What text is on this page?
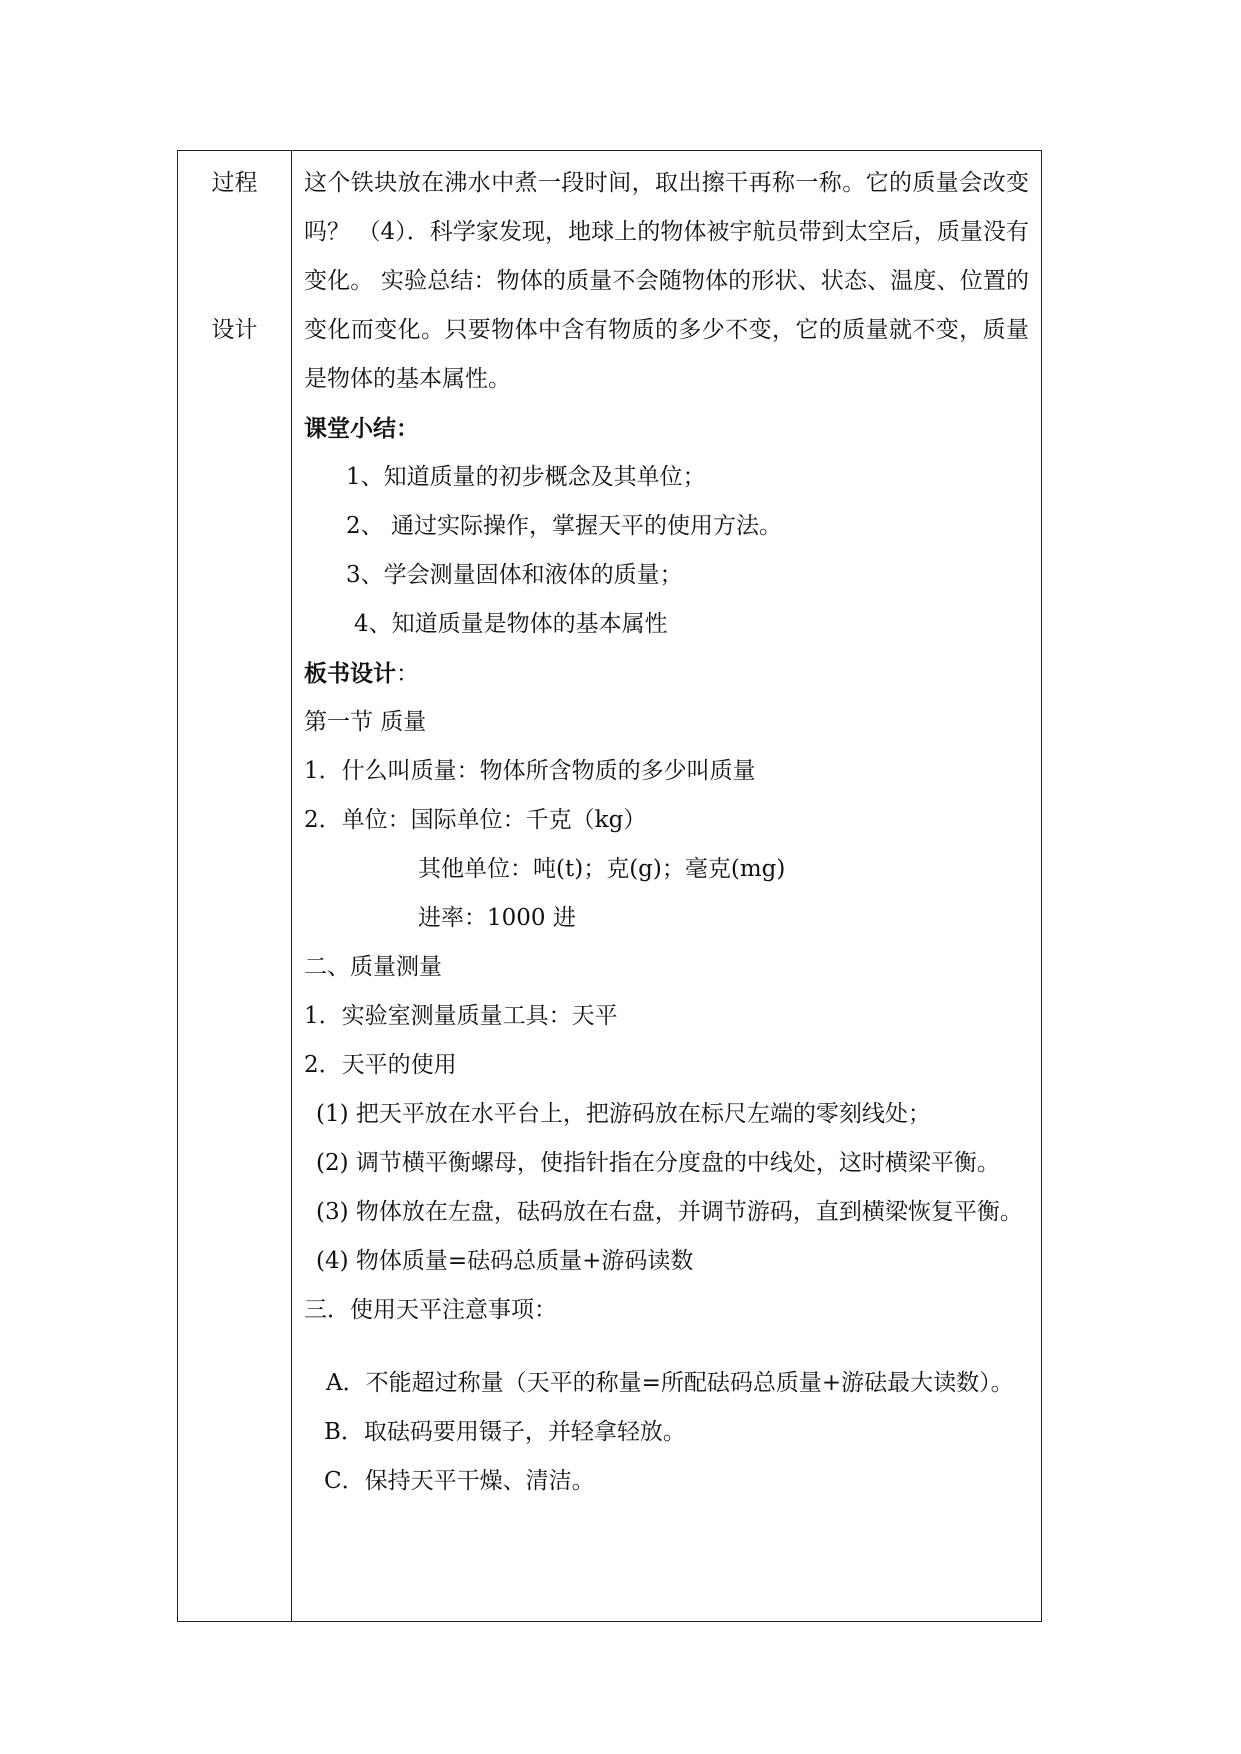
过程
设计
这个铁块放在沸水中煮一段时间，取出擦干再称一称。它的质量会改变吗？ （4）．科学家发现，地球上的物体被宇航员带到太空后，质量没有变化。 实验总结：物体的质量不会随物体的形状、状态、温度、位置的变化而变化。只要物体中含有物质的多少不变，它的质量就不变，质量是物体的基本属性。
课堂小结：
1、知道质量的初步概念及其单位；
2、 通过实际操作，掌握天平的使用方法。
3、学会测量固体和液体的质量；
4、知道质量是物体的基本属性
板书设计：
第一节 质量
1．什么叫质量：物体所含物质的多少叫质量
2．单位：国际单位：千克（kg）
其他单位：吨(t)；克(g)；毫克(mg)
进率：1000 进
二、质量测量
1．实验室测量质量工具：天平
2．天平的使用
(1) 把天平放在水平台上，把游码放在标尺左端的零刻线处；
(2) 调节横平衡螺母，使指针指在分度盘的中线处，这时横梁平衡。
(3) 物体放在左盘，砝码放在右盘，并调节游码，直到横梁恢复平衡。
(4) 物体质量=砝码总质量+游码读数
三．使用天平注意事项：
A．不能超过称量（天平的称量=所配砝码总质量+游砝最大读数）。
B．取砝码要用镊子，并轻拿轻放。
C．保持天平干燥、清洁。
